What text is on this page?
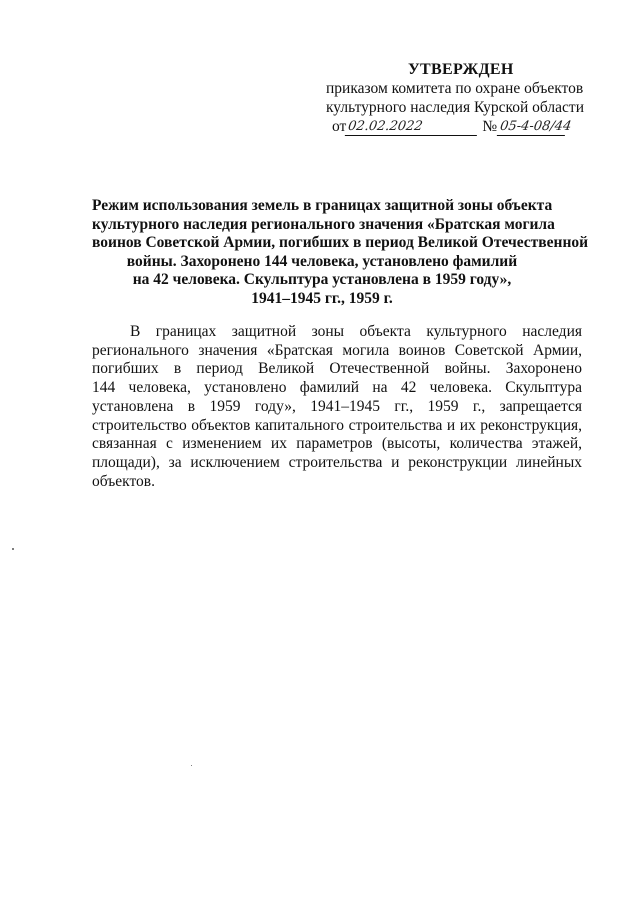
УТВЕРЖДЕН
приказом комитета по охране объектов
культурного наследия Курской области
от 02.02.2022	№ 05-4-08/44
Режим использования земель в границах защитной зоны объекта
культурного наследия регионального значения «Братская могила
воинов Советской Армии, погибших в период Великой Отечественной
войны. Захоронено 144 человека, установлено фамилий
на 42 человека. Скульптура установлена в 1959 году»,
1941–1945 гг., 1959 г.
В границах защитной зоны объекта культурного наследия
регионального значения «Братская могила воинов Советской Армии,
погибших в период Великой Отечественной войны. Захоронено
144 человека, установлено фамилий на 42 человека. Скульптура
установлена в 1959 году», 1941–1945 гг., 1959 г., запрещается
строительство объектов капитального строительства и их реконструкция,
связанная с изменением их параметров (высоты, количества этажей,
площади), за исключением строительства и реконструкции линейных
объектов.
